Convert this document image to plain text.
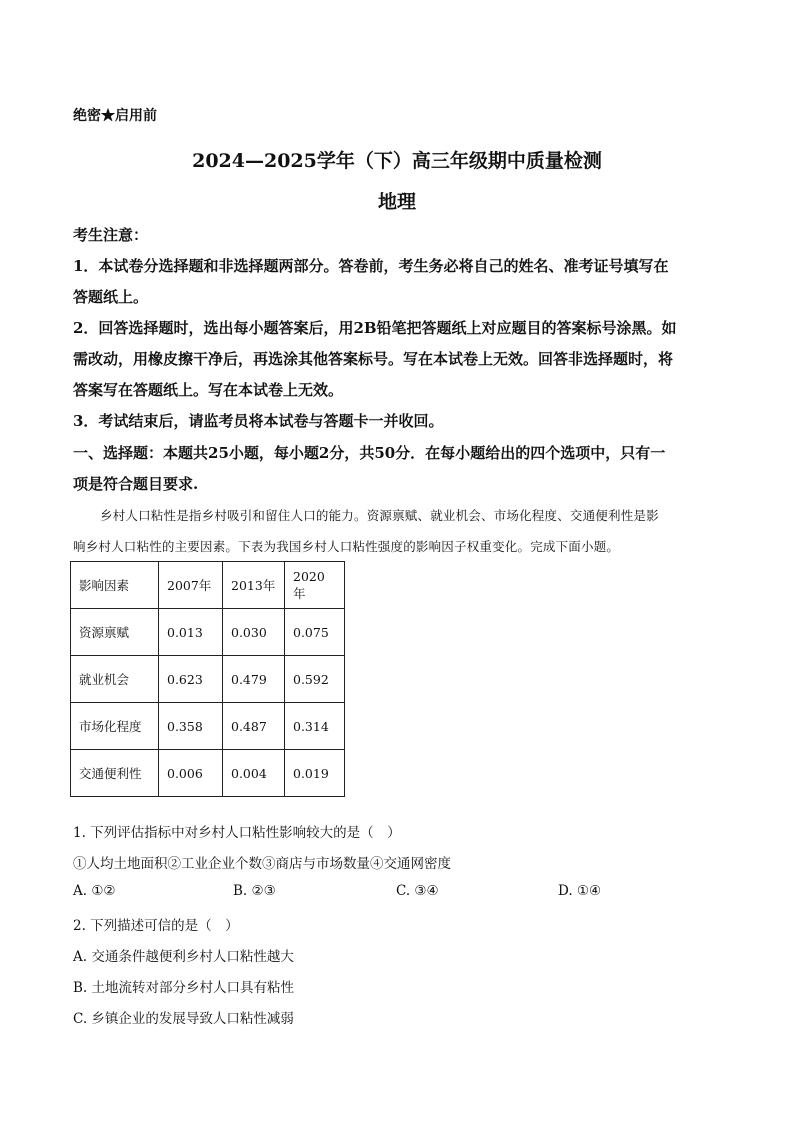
绝密★启用前
2024—2025学年（下）高三年级期中质量检测
地理
考生注意：
1．本试卷分选择题和非选择题两部分。答卷前，考生务必将自己的姓名、准考证号填写在
答题纸上。
2．回答选择题时，选出每小题答案后，用2B铅笔把答题纸上对应题目的答案标号涂黑。如
需改动，用橡皮擦干净后，再选涂其他答案标号。写在本试卷上无效。回答非选择题时，将
答案写在答题纸上。写在本试卷上无效。
3．考试结束后，请监考员将本试卷与答题卡一并收回。
一、选择题：本题共25小题，每小题2分，共50分．在每小题给出的四个选项中，只有一
项是符合题目要求.
乡村人口粘性是指乡村吸引和留住人口的能力。资源禀赋、就业机会、市场化程度、交通便利性是影
响乡村人口粘性的主要因素。下表为我国乡村人口粘性强度的影响因子权重变化。完成下面小题。
影响因素	2007年	2013年	2020年
资源禀赋	0.013	0.030	0.075
就业机会	0.623	0.479	0.592
市场化程度	0.358	0.487	0.314
交通便利性	0.006	0.004	0.019
1. 下列评估指标中对乡村人口粘性影响较大的是（　）
①人均土地面积②工业企业个数③商店与市场数量④交通网密度
A. ①②	B. ②③	C. ③④	D. ①④
2. 下列描述可信的是（　）
A. 交通条件越便利乡村人口粘性越大
B. 土地流转对部分乡村人口具有粘性
C. 乡镇企业的发展导致人口粘性减弱
